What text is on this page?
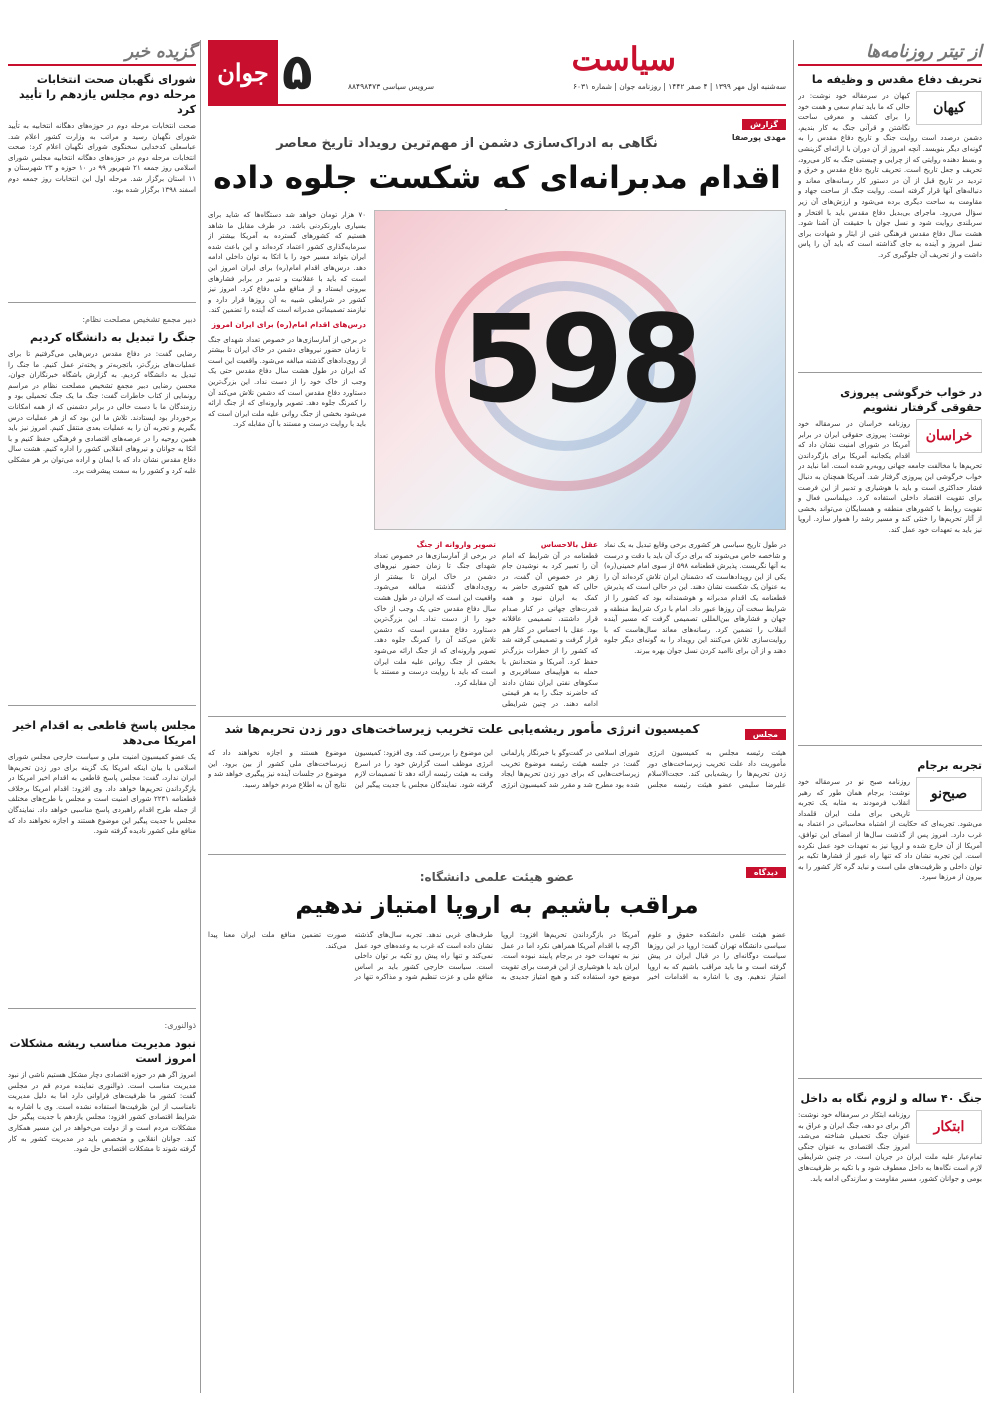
جوان ۵	سیاست
سه‌شنبه اول مهر ۱۳۹۹ | ۴ صفر ۱۴۴۲ | روزنامه جوان | شماره ۶۰۳۱
سرویس سیاسی ۸۸۴۹۸۴۷۳
از تیتر روزنامه‌ها
تحریف دفاع مقدس و وظیفه ما
کیهان
کیهان در سرمقاله خود نوشت: در حالی که ما باید تمام سعی و همت خود را برای کشف و معرفی ساحت نگاشتن و قرآنی جنگ به کار بندیم، دشمن درصدد است روایت جنگ و تاریخ دفاع مقدس را به گونه‌ای دیگر بنویسد. آنچه امروز از آن دوران با ارائه‌ای گزینشی و بسط دهنده روایتی که از چرایی و چیستی جنگ به کار می‌رود، تحریف و جعل تاریخ است. تحریف تاریخ دفاع مقدس و خرق و تردید در تاریخ قبل از آن در دستور کار رسانه‌های معاند و دنباله‌های آنها قرار گرفته است. روایت جنگ از ساحت جهاد و مقاومت به ساحت دیگری برده می‌شود و ارزش‌های آن زیر سؤال می‌رود. ماجرای بی‌بدیل دفاع مقدس باید با افتخار و سربلندی روایت شود و نسل جوان با حقیقت آن آشنا شود. هشت سال دفاع مقدس فرهنگی غنی از ایثار و شهادت برای نسل امروز و آینده به جای گذاشته است که باید آن را پاس داشت و از تحریف آن جلوگیری کرد.
در خواب خرگوشی پیروزی حقوقی گرفتار نشویم
خراسان
روزنامه خراسان در سرمقاله خود نوشت: پیروزی حقوقی ایران در برابر آمریکا در شورای امنیت نشان داد که اقدام یکجانبه آمریکا برای بازگرداندن تحریم‌ها با مخالفت جامعه جهانی روبه‌رو شده است. اما نباید در خواب خرگوشی این پیروزی گرفتار شد. آمریکا همچنان به دنبال فشار حداکثری است و باید با هوشیاری و تدبیر از این فرصت برای تقویت اقتصاد داخلی استفاده کرد. دیپلماسی فعال و تقویت روابط با کشورهای منطقه و همسایگان می‌تواند بخشی از آثار تحریم‌ها را خنثی کند و مسیر رشد را هموار سازد. اروپا نیز باید به تعهدات خود عمل کند.
تجربه برجام
صبح‌نو
روزنامه صبح نو در سرمقاله خود نوشت: برجام همان طور که رهبر انقلاب فرمودند به مثابه یک تجربه تاریخی برای ملت ایران قلمداد می‌شود. تجربه‌ای که حکایت از اشتباه محاسباتی در اعتماد به غرب دارد. امروز پس از گذشت سال‌ها از امضای این توافق، آمریکا از آن خارج شده و اروپا نیز به تعهدات خود عمل نکرده است. این تجربه نشان داد که تنها راه عبور از فشارها تکیه بر توان داخلی و ظرفیت‌های ملی است و نباید گره کار کشور را به بیرون از مرزها سپرد.
جنگ ۴۰ ساله و لزوم نگاه به داخل
ابتکار
روزنامه ابتکار در سرمقاله خود نوشت: اگر برای دو دهه، جنگ ایران و عراق به عنوان جنگ تحمیلی شناخته می‌شد، امروز جنگ اقتصادی به عنوان جنگی تمام‌عیار علیه ملت ایران در جریان است. در چنین شرایطی لازم است نگاه‌ها به داخل معطوف شود و با تکیه بر ظرفیت‌های بومی و جوانان کشور، مسیر مقاومت و سازندگی ادامه یابد.
گزیده خبر
شورای نگهبان صحت انتخابات مرحله دوم مجلس یازدهم را تأیید کرد
صحت انتخابات مرحله دوم در حوزه‌های دهگانه انتخابیه به تأیید شورای نگهبان رسید و مراتب به وزارت کشور اعلام شد. عباسعلی کدخدایی سخنگوی شورای نگهبان اعلام کرد: صحت انتخابات مرحله دوم در حوزه‌های دهگانه انتخابیه مجلس شورای اسلامی روز جمعه ۲۱ شهریور ۹۹ در ۱۰ حوزه و ۲۳ شهرستان و ۱۱ استان برگزار شد. مرحله اول این انتخابات روز جمعه دوم اسفند ۱۳۹۸ برگزار شده بود.
دبیر مجمع تشخیص مصلحت نظام:
جنگ را تبدیل به دانشگاه کردیم
رضایی گفت: در دفاع مقدس درس‌هایی می‌گرفتیم تا برای عملیات‌های بزرگ‌تر، باتجربه‌تر و پخته‌تر عمل کنیم. ما جنگ را تبدیل به دانشگاه کردیم. به گزارش باشگاه خبرنگاران جوان، محسن رضایی دبیر مجمع تشخیص مصلحت نظام در مراسم رونمایی از کتاب خاطرات گفت: جنگ ما یک جنگ تحمیلی بود و رزمندگان ما با دست خالی در برابر دشمنی که از همه امکانات برخوردار بود ایستادند. تلاش ما این بود که از هر عملیات درس بگیریم و تجربه آن را به عملیات بعدی منتقل کنیم. امروز نیز باید همین روحیه را در عرصه‌های اقتصادی و فرهنگی حفظ کنیم و با اتکا به جوانان و نیروهای انقلابی کشور را اداره کنیم. هشت سال دفاع مقدس نشان داد که با ایمان و اراده می‌توان بر هر مشکلی غلبه کرد و کشور را به سمت پیشرفت برد.
مجلس پاسخ قاطعی به اقدام اخیر امریکا می‌دهد
یک عضو کمیسیون امنیت ملی و سیاست خارجی مجلس شورای اسلامی با بیان اینکه امریکا یک گزینه برای دور زدن تحریم‌ها ایران ندارد، گفت: مجلس پاسخ قاطعی به اقدام اخیر امریکا در بازگرداندن تحریم‌ها خواهد داد. وی افزود: اقدام امریکا برخلاف قطعنامه ۲۲۳۱ شورای امنیت است و مجلس با طرح‌های مختلف از جمله طرح اقدام راهبردی پاسخ مناسبی خواهد داد. نمایندگان مجلس با جدیت پیگیر این موضوع هستند و اجازه نخواهند داد که منافع ملی کشور نادیده گرفته شود.
ذوالنوری:
نبود مدیریت مناسب ریشه مشکلات امروز است
امروز اگر هم در حوزه اقتصادی دچار مشکل هستیم ناشی از نبود مدیریت مناسب است. ذوالنوری نماینده مردم قم در مجلس گفت: کشور ما ظرفیت‌های فراوانی دارد اما به دلیل مدیریت نامناسب از این ظرفیت‌ها استفاده نشده است. وی با اشاره به شرایط اقتصادی کشور افزود: مجلس یازدهم با جدیت پیگیر حل مشکلات مردم است و از دولت می‌خواهد در این مسیر همکاری کند. جوانان انقلابی و متخصص باید در مدیریت کشور به کار گرفته شوند تا مشکلات اقتصادی حل شود.
گزارش
مهدی پورصفا
نگاهی به ادراک‌سازی دشمن از مهم‌ترین رویداد تاریخ معاصر
اقدام مدبرانه‌ای که شکست جلوه داده
598
۷۰ هزار تومان خواهد شد دستگاه‌ها که شاید برای بسیاری باورنکردنی باشد. در طرف مقابل ما شاهد هستیم که کشورهای گسترده به آمریکا بیشتر از سرمایه‌گذاری کشور اعتماد کرده‌اند و این باعث شده ایران بتواند مسیر خود را با اتکا به توان داخلی ادامه دهد. درس‌های اقدام امام(ره) برای ایران امروز این است که باید با عقلانیت و تدبیر در برابر فشارهای بیرونی ایستاد و از منافع ملی دفاع کرد. امروز نیز کشور در شرایطی شبیه به آن روزها قرار دارد و نیازمند تصمیماتی مدبرانه است که آینده را تضمین کند.
درس‌های اقدام امام(ره) برای ایران امروز
در برخی از آمارسازی‌ها در خصوص تعداد شهدای جنگ تا زمان حضور نیروهای دشمن در خاک ایران تا بیشتر از روی‌دادهای گذشته مبالغه می‌شود. واقعیت این است که ایران در طول هشت سال دفاع مقدس حتی یک وجب از خاک خود را از دست نداد. این بزرگ‌ترین دستاورد دفاع مقدس است که دشمن تلاش می‌کند آن را کمرنگ جلوه دهد. تصویر وارونه‌ای که از جنگ ارائه می‌شود بخشی از جنگ روانی علیه ملت ایران است که باید با روایت درست و مستند با آن مقابله کرد.
در طول تاریخ سیاسی هر کشوری برخی وقایع تبدیل به یک نماد و شاخصه خاص می‌شوند که برای درک آن باید با دقت و درست به آنها نگریست. پذیرش قطعنامه ۵۹۸ از سوی امام خمینی(ره) یکی از این رویدادهاست که دشمنان ایران تلاش کرده‌اند آن را به عنوان یک شکست نشان دهند. این در حالی است که پذیرش قطعنامه یک اقدام مدبرانه و هوشمندانه بود که کشور را از شرایط سخت آن روزها عبور داد. امام با درک شرایط منطقه و جهان و فشارهای بین‌المللی تصمیمی گرفت که مسیر آینده انقلاب را تضمین کرد. رسانه‌های معاند سال‌هاست که با روایت‌سازی تلاش می‌کنند این رویداد را به گونه‌ای دیگر جلوه دهند و از آن برای ناامید کردن نسل جوان بهره ببرند.
عقل بالاحساس
قطعنامه در آن شرایط که امام آن را تعبیر کرد به نوشیدن جام زهر در خصوص آن گفت، در حالی که هیچ کشوری حاضر به کمک به ایران نبود و همه قدرت‌های جهانی در کنار صدام قرار داشتند، تصمیمی عاقلانه بود. عقل با احساس در کنار هم قرار گرفت و تصمیمی گرفته شد که کشور را از خطرات بزرگ‌تر حفظ کرد. آمریکا و متحدانش با حمله به هواپیمای مسافربری و سکوهای نفتی ایران نشان دادند که حاضرند جنگ را به هر قیمتی ادامه دهند. در چنین شرایطی
تصویر واروانه از جنگ
در برخی از آمارسازی‌ها در خصوص تعداد شهدای جنگ تا زمان حضور نیروهای دشمن در خاک ایران تا بیشتر از روی‌دادهای گذشته مبالغه می‌شود. واقعیت این است که ایران در طول هشت سال دفاع مقدس حتی یک وجب از خاک خود را از دست نداد. این بزرگ‌ترین دستاورد دفاع مقدس است که دشمن تلاش می‌کند آن را کمرنگ جلوه دهد. تصویر وارونه‌ای که از جنگ ارائه می‌شود بخشی از جنگ روانی علیه ملت ایران است که باید با روایت درست و مستند با آن مقابله کرد.
مجلس
کمیسیون انرژی مأمور ریشه‌یابی علت تخریب زیرساخت‌های دور زدن تحریم‌ها شد
هیئت رئیسه مجلس به کمیسیون انرژی مأموریت داد علت تخریب زیرساخت‌های دور زدن تحریم‌ها را ریشه‌یابی کند. حجت‌الاسلام علیرضا سلیمی عضو هیئت رئیسه مجلس شورای اسلامی در گفت‌وگو با خبرنگار پارلمانی گفت: در جلسه هیئت رئیسه موضوع تخریب زیرساخت‌هایی که برای دور زدن تحریم‌ها ایجاد شده بود مطرح شد و مقرر شد کمیسیون انرژی این موضوع را بررسی کند. وی افزود: کمیسیون انرژی موظف است گزارش خود را در اسرع وقت به هیئت رئیسه ارائه دهد تا تصمیمات لازم گرفته شود. نمایندگان مجلس با جدیت پیگیر این موضوع هستند و اجازه نخواهند داد که زیرساخت‌های ملی کشور از بین برود. این موضوع در جلسات آینده نیز پیگیری خواهد شد و نتایج آن به اطلاع مردم خواهد رسید.
دیدگاه
عضو هیئت علمی دانشگاه:
مراقب باشیم به اروپا امتیاز ندهیم
عضو هیئت علمی دانشکده حقوق و علوم سیاسی دانشگاه تهران گفت: اروپا در این روزها سیاست دوگانه‌ای را در قبال ایران در پیش گرفته است و ما باید مراقب باشیم که به اروپا امتیاز ندهیم. وی با اشاره به اقدامات اخیر آمریکا در بازگرداندن تحریم‌ها افزود: اروپا اگرچه با اقدام آمریکا همراهی نکرد اما در عمل نیز به تعهدات خود در برجام پایبند نبوده است. ایران باید با هوشیاری از این فرصت برای تقویت موضع خود استفاده کند و هیچ امتیاز جدیدی به طرف‌های غربی ندهد. تجربه سال‌های گذشته نشان داده است که غرب به وعده‌های خود عمل نمی‌کند و تنها راه پیش رو تکیه بر توان داخلی است. سیاست خارجی کشور باید بر اساس منافع ملی و عزت تنظیم شود و مذاکره تنها در صورت تضمین منافع ملت ایران معنا پیدا می‌کند.
